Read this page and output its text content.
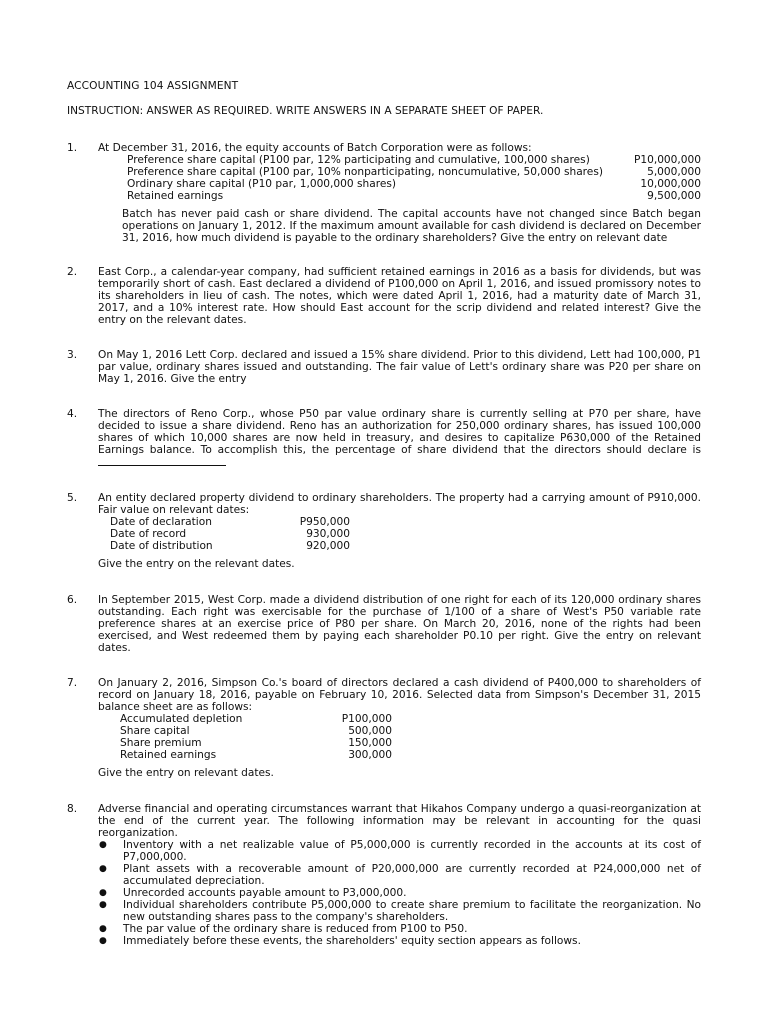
ACCOUNTING 104 ASSIGNMENT
INSTRUCTION: ANSWER AS REQUIRED. WRITE ANSWERS IN A SEPARATE SHEET OF PAPER.
1.	At December 31, 2016, the equity accounts of Batch Corporation were as follows:
Preference share capital (P100 par, 12% participating and cumulative, 100,000 shares)	P10,000,000
Preference share capital (P100 par, 10% nonparticipating, noncumulative, 50,000 shares)	5,000,000
Ordinary share capital (P10 par, 1,000,000 shares)	10,000,000
Retained earnings	9,500,000
Batch has never paid cash or share dividend. The capital accounts have not changed since Batch began operations on January 1, 2012. If the maximum amount available for cash dividend is declared on December 31, 2016, how much dividend is payable to the ordinary shareholders? Give the entry on relevant date
2.	East Corp., a calendar-year company, had sufficient retained earnings in 2016 as a basis for dividends, but was temporarily short of cash. East declared a dividend of P100,000 on April 1, 2016, and issued promissory notes to its shareholders in lieu of cash. The notes, which were dated April 1, 2016, had a maturity date of March 31, 2017, and a 10% interest rate. How should East account for the scrip dividend and related interest? Give the entry on the relevant dates.
3.	On May 1, 2016 Lett Corp. declared and issued a 15% share dividend. Prior to this dividend, Lett had 100,000, P1 par value, ordinary shares issued and outstanding. The fair value of Lett's ordinary share was P20 per share on May 1, 2016. Give the entry
4.	The directors of Reno Corp., whose P50 par value ordinary share is currently selling at P70 per share, have decided to issue a share dividend. Reno has an authorization for 250,000 ordinary shares, has issued 100,000 shares of which 10,000 shares are now held in treasury, and desires to capitalize P630,000 of the Retained Earnings balance. To accomplish this, the percentage of share dividend that the directors should declare is
5.	An entity declared property dividend to ordinary shareholders. The property had a carrying amount of P910,000. Fair value on relevant dates:
Date of declaration	P950,000
Date of record	930,000
Date of distribution	920,000
Give the entry on the relevant dates.
6.	In September 2015, West Corp. made a dividend distribution of one right for each of its 120,000 ordinary shares outstanding. Each right was exercisable for the purchase of 1/100 of a share of West's P50 variable rate preference shares at an exercise price of P80 per share. On March 20, 2016, none of the rights had been exercised, and West redeemed them by paying each shareholder P0.10 per right. Give the entry on relevant dates.
7.	On January 2, 2016, Simpson Co.'s board of directors declared a cash dividend of P400,000 to shareholders of record on January 18, 2016, payable on February 10, 2016. Selected data from Simpson's December 31, 2015 balance sheet are as follows:
Accumulated depletion	P100,000
Share capital	500,000
Share premium	150,000
Retained earnings	300,000
Give the entry on relevant dates.
8.	Adverse financial and operating circumstances warrant that Hikahos Company undergo a quasi-reorganization at the end of the current year. The following information may be relevant in accounting for the quasi reorganization.
●	Inventory with a net realizable value of P5,000,000 is currently recorded in the accounts at its cost of P7,000,000.
●	Plant assets with a recoverable amount of P20,000,000 are currently recorded at P24,000,000 net of accumulated depreciation.
●	Unrecorded accounts payable amount to P3,000,000.
●	Individual shareholders contribute P5,000,000 to create share premium to facilitate the reorganization. No new outstanding shares pass to the company's shareholders.
●	The par value of the ordinary share is reduced from P100 to P50.
●	Immediately before these events, the shareholders' equity section appears as follows.
